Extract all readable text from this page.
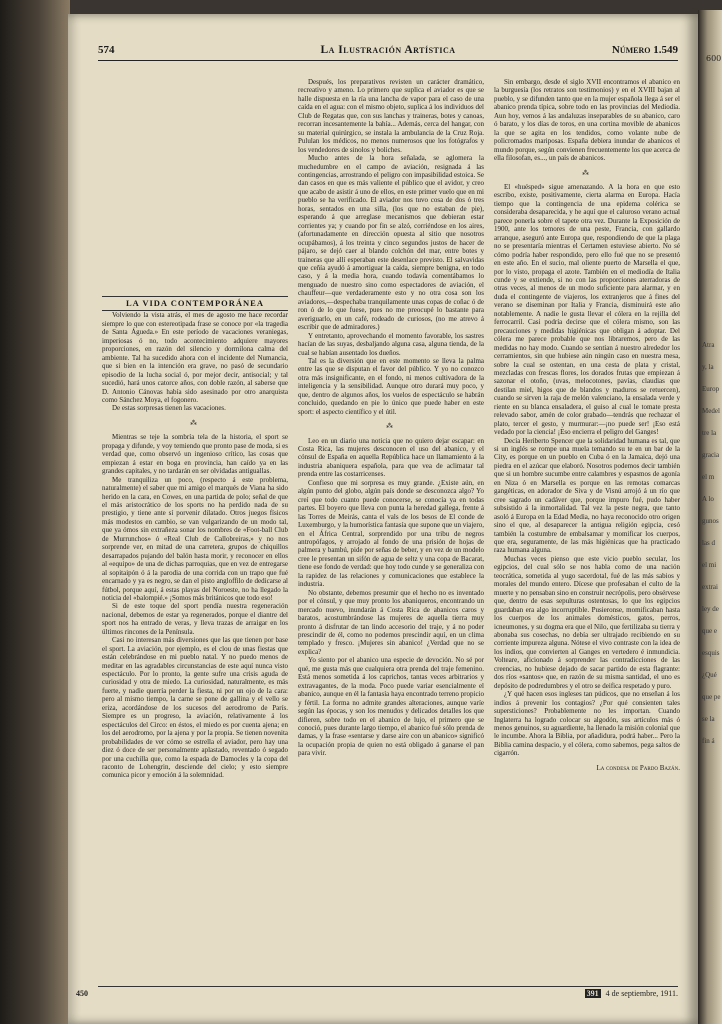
574	La Ilustración Artística	Número 1.549
LA VIDA CONTEMPORÁNEA

Volviendo la vista atrás, el mes de agosto me hace recordar siempre lo que con estereotipada frase se conoce por «la tragedia de Santa Águeda.» En este período de vacaciones veraniegas, imperiosas ó no, todo acontecimiento adquiere mayores proporciones, en razón del silencio y dormilona calma del ambiente. Tal ha sucedido ahora con el incidente del Numancia, que si bien en la intención era grave, no pasó de secundario episodio de la lucha social ó, por mejor decir, antisocial; y tal sucedió, hará unos catorce años, con doble razón, al saberse que D. Antonio Cánovas había sido asesinado por otro anarquista como Sánchez Moya, el fogonero.

De estas sorpresas tienen las vacaciones.

⁂

Mientras se teje la sombría tela de la historia, el sport se propaga y difunde, y voy temiendo que pronto pase de moda, si es verdad que, como observó un ingenioso crítico, las cosas que empiezan á estar en boga en provincia, han caído ya en las grandes capitales, y no tardarán en ser olvidadas antiguallas.

Me tranquiliza un poco, (respecto á este problema, naturalmente) el saber que mi amigo el marqués de Viana ha sido herido en la cara, en Cowes, en una partida de polo; señal de que el más aristocrático de los sports no ha perdido nada de su prestigio, y tiene ante sí porvenir dilatado. Otros juegos físicos más modestos en cambio, se van vulgarizando de un modo tal, que ya ómos sin extrañeza sonar los nombres de «Foot-ball Club de Murrunchos» ó «Real Club de Callobreiras,» y no nos sorprende ver, en mitad de una carretera, grupos de chiquillos desarrapados pujando del balón hasta morir, y reconocer en ellos al «equipo» de una de dichas parroquias, que en vez de entregarse al sopitaipón ó á la parodia de una corrida con un trapo que fué encarnado y ya es negro, se dan el pisto angloffilo de dedicarse al fútbol, porque aquí, á estas playas del Noroeste, no ha llegado la noticia del «balompié.» ¡Somos más británicos que todo eso!

Si de este toque del sport pendía nuestra regeneración nacional, debemos de estar ya regenerados, porque el diantre del sport nos ha entrado de veras, y lleva trazas de arraigar en los últimos rincones de la Península.

Casi no interesan más diversiones que las que tienen por base el sport. La aviación, por ejemplo, es el clou de unas fiestas que están celebrándose en mi pueblo natal. Y no puedo menos de meditar en las agradables circunstancias de este aquí nunca visto espectáculo. Por lo pronto, la gente sufre una crisis aguda de curiosidad y otra de miedo. La curiosidad, naturalmente, es más fuerte, y nadie querría perder la fiesta, ni por un ojo de la cara: pero al mismo tiempo, la carne se pone de gallina y el vello se eriza, acordándose de los sucesos del aerodromo de París. Siempre es un progreso, la aviación, relativamente á los espectáculos del Circo: en éstos, el miedo es por cuenta ajena; en los del aerodromo, por la ajena y por la propia. Se tienen novenita probabilidades de ver cómo se estrella el aviador, pero hay una diez ó doce de ser personalmente aplastado, reventado ó segado por una cuchilla que, como la espada de Damocles y la copa del raconto de Lohengrin, desciende del cielo; y esto siempre comunica picor y emoción á la solemnidad.

Después, los preparativos revisten un carácter dramático, recreativo y ameno. Lo primero que suplica el aviador es que se halle dispuesta en la ría una lancha de vapor para el caso de una caída en el agua: con el mismo objeto, suplica á los individuos del Club de Regatas que, con sus lanchas y traineras, botes y canoas, recorran incesantemente la bahía... Además, cerca del hangar, con su material quirúrgico, se instala la ambulancia de la Cruz Roja. Pululan los médicos, no menos numerosos que los fotógrafos y los vendedores de sinolos y boliches.

Mucho antes de la hora señalada, se aglomera la muchedumbre en el campo de aviación, resignada á las contingencias, arrostrando el peligro con impasibilidad estoica. Se dan casos en que es más valiente el público que el avidor, y creo que acabo de asistir á uno de ellos, en este primer vuelo que en mi pueblo se ha verificado. El aviador nos tuvo cosa de dos ó tres horas, sentados en una silla, (los que no estaban de pie), esperando á que arreglase mecanismos que debieran estar corrientes ya; y cuando por fin se alzó, corriéndose en los aires, (afortunadamente en dirección opuesta al sitio que nosotros ocupábamos), á los treinta y cinco segundos justos de hacer de pájaro, se dejó caer al blando colchón del mar, entre botes y traineras que allí esperaban este desenlace previsto. El salvavidas que ceñía ayudó á amortiguar la caída, siempre benigna, en todo caso, y á la media hora, cuando todavía comentábamos lo menguado de nuestro sino como espectadores de aviación, el chauffeur—que verdaderamente esto y no otra cosa son los aviadores,—despechaba tranquilamente unas copas de coñac ó de ron ó de lo que fuese, pues no me preocupé lo bastante para averiguarlo, en un café, rodeado de curiosos, (no me atrevo á escribir que de admiradores.)

Y entretanto, aprovechando el momento favorable, los sastres hacían de las suyas, desbaljando alguna casa, alguna tienda, de la cual se habían ausentado los dueños.

Tal es la diversión que en este momento se lleva la palma entre las que se disputan el favor del público. Y yo no conozco otra más insignificante, en el fondo, ni menos cultivadora de la inteligencia y la sensibilidad. Aunque otro durará muy poco, y que, dentro de algunos años, los vuelos de espectáculo se habrán concluido, quedando en pie lo único que puede haber en este sport: el aspecto científico y el útil.

⁂

Leo en un diario una noticia que no quiero dejar escapar: en Costa Rica, las mujeres desconocen el uso del abanico, y el cónsul de España en aquella República hace un llamamiento á la industria abaniquera española, para que vea de aclimatar tal prenda entre las costarricenses.

Confieso que mi sorpresa es muy grande. ¿Existe aún, en algún punto del globo, algún país donde se desconozca algo? Yo creí que todo cuanto puede conocerse, se conocía ya en todas partes. El boyero que lleva con punta la heredad gallega, frente á las Torres de Meirás, canta el vals de los besos de El conde de Luxemburgo, y la humorística fantasía que supone que un viajero, en el África Central, sorprendido por una tribu de negros antropófagos, y arrojado al fondo de una prisión de hojas de palmera y bambú, pide por señas de beber, y en vez de un modelo cree le presentan un sifón de agua de seltz y una copa de Bacarat, tiene ese fondo de verdad: que hoy todo cunde y se generaliza con la rapidez de las relaciones y comunicaciones que establece la industria.

No obstante, debemos presumir que el hecho no es inventado por el cónsul, y que muy pronto los abaniqueros, encontrando un mercado nuevo, inundarán á Costa Rica de abanicos caros y baratos, acostumbrándose las mujeres de aquella tierra muy pronto á disfrutar de tan lindo accesorio del traje, y á no poder prescindir de él, como no podemos prescindir aquí, en un clima templado y fresco. ¡Mujeres sin abanico! ¿Verdad que no se explica?

Yo siento por el abanico una especie de devoción. No sé por qué, me gusta más que cualquiera otra prenda del traje femenino. Está menos sometida á los caprichos, tantas veces arbitrarios y extravagantes, de la moda. Poco puede variar esencialmente el abanico, aunque en él la fantasía haya encontrado terreno propicio y fértil. La forma no admite grandes alteraciones, aunque varíe según las épocas, y son los menudos y delicados detalles los que difieren, sobre todo en el abanico de lujo, el primero que se conoció, pues durante largo tiempo, el abanico fué sólo prenda de damas, y la frase «sentarse y darse aire con un abanico» significó la ocupación propia de quien no está obligado á ganarse el pan para vivir.

Sin embargo, desde el siglo XVII encontramos el abanico en la burguesía (los retratos son testimonios) y en el XVIII bajan al pueblo, y se difunden tanto que en la mujer española llega á ser el abanico prenda típica, sobre todo en las provincias del Mediodía. Aun hoy, vemos á las andaluzas inseparables de su abanico, caro ó barato, y los días de toros, en una cortina movible de abanicos la que se agita en los tendidos, como volante nube de policromados mariposas. España debiera inundar de abanicos el mundo porque, según convienen frecuentemente los que acerca de ella filosofan, es..., un país de abanicos.

⁂

El «huésped» sigue amenazando. A la hora en que esto escribo, existe, positivamente, cierta alarma en Europa. Hacía tiempo que la contingencia de una epidema colérica se consideraba desaparecida, y he aquí que el caluroso verano actual parece ponerla sobre el tapete otra vez. Durante la Exposición de 1900, ante los temores de una peste, Francia, con gallardo arranque, aseguró ante Europa que, respondiendo de que la plaga no se presentaría mientras el Certamen estuviese abierto. No sé cómo podría haber respondido, pero ello fué que no se presentó en este año. En el sucio, mal oliente puerto de Marsella el que, por lo visto, propaga el azote. También en el mediodía de Italia cunde y se extiende, si no con las proporciones aterradoras de otras veces, al menos de un modo suficiente para alarmar, y en duda el contingente de viajeros, los extranjeros que á fines del verano se diseminan por Italia y Francia, disminuirá este año notablemente. A nadie le gusta llevar el cólera en la rejilla del ferrocarril. Casi podría decirse que el cólera mismo, son las precauciones y medidas higiénicas que obligan á adoptar. Del cólera me parece probable que nos libraremos, pero de las medidas no hay modo. Cuando se sentían á nuestro alrededor los cerramientos, sin que hubiese aún ningún caso en nuestra mesa, sobre la cual se ostentan, en una cesta de plata y cristal, mezcladas con frescas flores, los dorados frutas que empiezan á sazonar el otoño, (uvas, melocotones, pavías, claudias que destilan miel, higos que de blandos y maduros se retuercen), cuando se sirven la raja de melón valenciano, la ensalada verde y riente en su blanca ensaladera, el guiso al cual le tomate presta relevado sabor, amén de color grabado—tendrás que rechazar el plato, tercer el gesto, y murmurar:—¡no puede ser! ¡Eso está vedado por la ciencia! ¡Eso encierra el peligro del Ganges!

Decía Heriberto Spencer que la solidaridad humana es tal, que si un inglés se rompe una muela temando su te en un bar de la City, es porque en un pueblo en Cuba ó en la Jamaica, dejó una piedra en el azúcar que elaboró. Nosotros podemos decir también que si un hombre sucumbe entre calambres y espasmos de agonía en Niza ó en Marsella es porque en las remotas comarcas gangéticas, en adorador de Siva y de Visnú arrojó á un río que cree sagrado un cadáver que, porque impuro fué, pudo haber subsistido á la inmortalidad. Tal vez la peste negra, que tanto asoló á Europa en la Edad Media, no haya reconocido otro origen sino el que, al desaparecer la antigua religión egipcia, cesó también la costumbre de embalsamar y momificar los cuerpos, que era, seguramente, de las más higiénicas que ha practicado raza humana alguna.

Muchas veces pienso que este vicio pueblo secular, los egipcios, del cual sólo se nos habla como de una nación teocrática, sometida al yugo sacerdotal, fué de las más sabios y morales del mundo entero. Dícese que profesaban el culto de la muerte y no pensaban sino en construir necrópolis, pero obsérvese que, dentro de esas sepulturas ostentosas, lo que los egipcios guardaban era algo incorruptible. Pusieronse, momificaban hasta los cuerpos de los animales domésticos, gatos, perros, icneumones, y su dogma era que el Nilo, que fertilizaba su tierra y abonaba sus cosechas, no debía ser ultrajado recibiendo en su corriente impureza alguna. Nótese el vivo contraste con la idea de los indios, que convierten al Ganges en vertedero é inmundicia. Volteare, aficionado á sorprender las contradicciones de las creencias, no hubiese dejado de sacar partido de esta flagrante: dos ríos «santos» que, en razón de su misma santidad, el uno es depósito de podredumbres y el otro se deifica respetado y puro.

¿Y qué hacen esos ingleses tan púdicos, que no enseñan á los indios á prevenir los contagios? ¿Por qué consienten tales supersticiones? Probablemente no les importan. Cuando Inglaterra ha logrado colocar su algodón, sus artículos más ó menos genuinos, su aguardiente, ha llenado la misión colonial que le incumbe. Ahora la Biblia, por añadidura, podrá haber... Pero la Biblia camina despacio, y el cólera, como sabemos, pega saltos de cigarrón.

La condesa de Pardo Bazán.
450	391 4 de septiembre, 1911.
600
Atra
y, la
Europ
Medel
tre la
gracia
el m
A lo
gunos
las d
el mi
extrai
ley de
que e
esquis
¿Qué
que pe
se la
fin á
